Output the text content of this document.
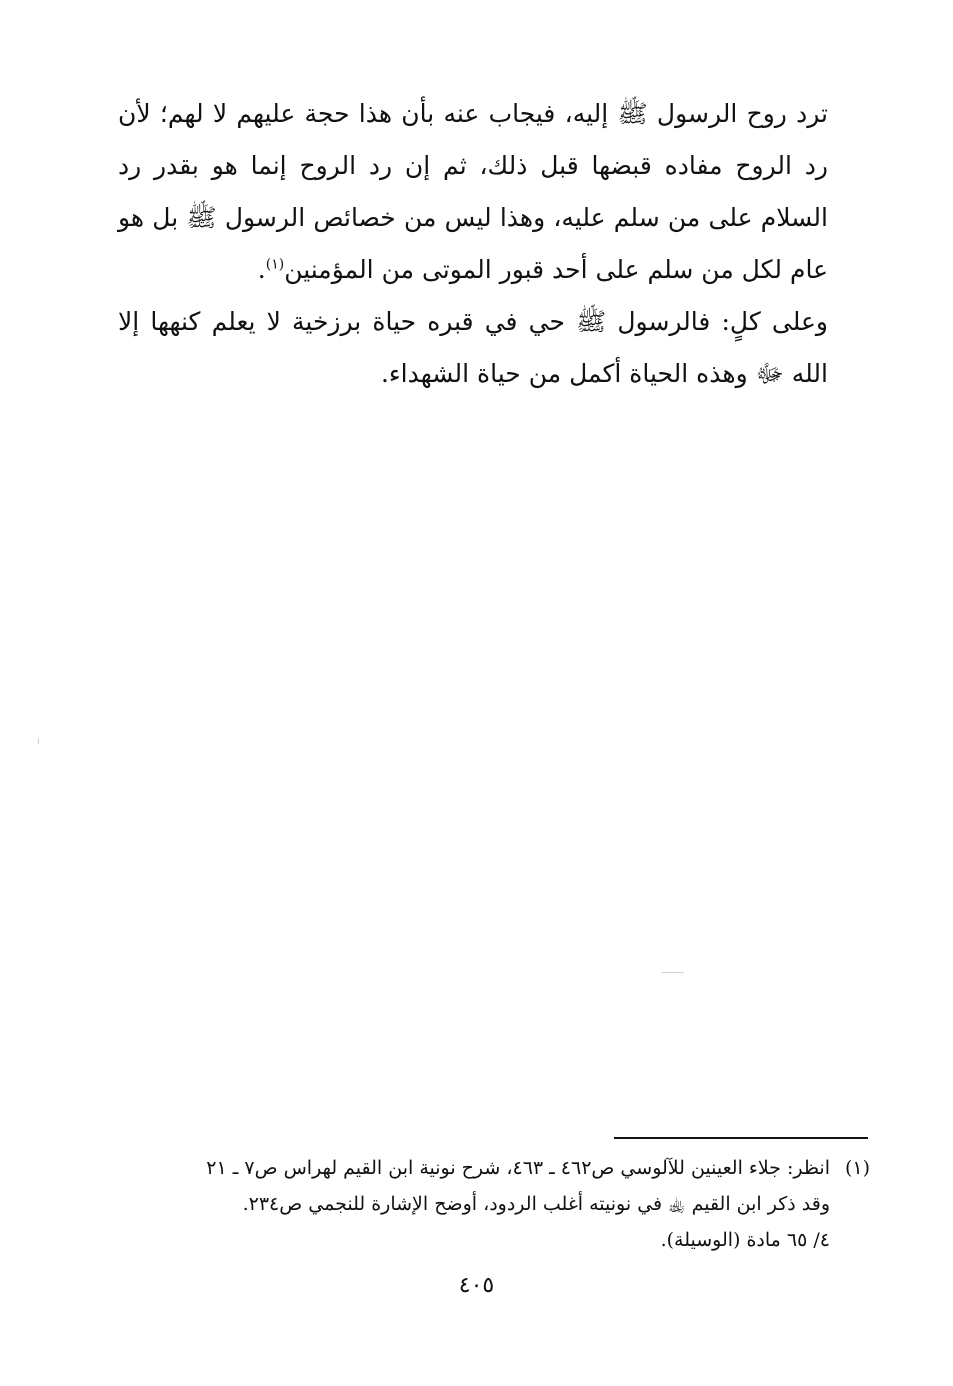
ترد روح الرسول ﷺ إليه، فيجاب عنه بأن هذا حجة عليهم لا لهم؛ لأن رد الروح مفاده قبضها قبل ذلك، ثم إن رد الروح إنما هو بقدر رد السلام على من سلم عليه، وهذا ليس من خصائص الرسول ﷺ بل هو عام لكل من سلم على أحد قبور الموتى من المؤمنين$^{(١)}$.

وعلى كلٍ: فالرسول ﷺ حي في قبره حياة برزخية لا يعلم كنهها إلا الله ﷻ وهذه الحياة أكمل من حياة الشهداء.

(١)
انظر: جلاء العينين للآلوسي ص٤٦٢ ـ ٤٦٣، شرح نونية ابن القيم لهراس ص٧ ـ ٢١
وقد ذكر ابن القيم ﵀ في نونيته أغلب الردود، أوضح الإشارة للنجمي ص٢٣٤.
٤/ ٦٥ مادة (الوسيلة).
٤٠٥
